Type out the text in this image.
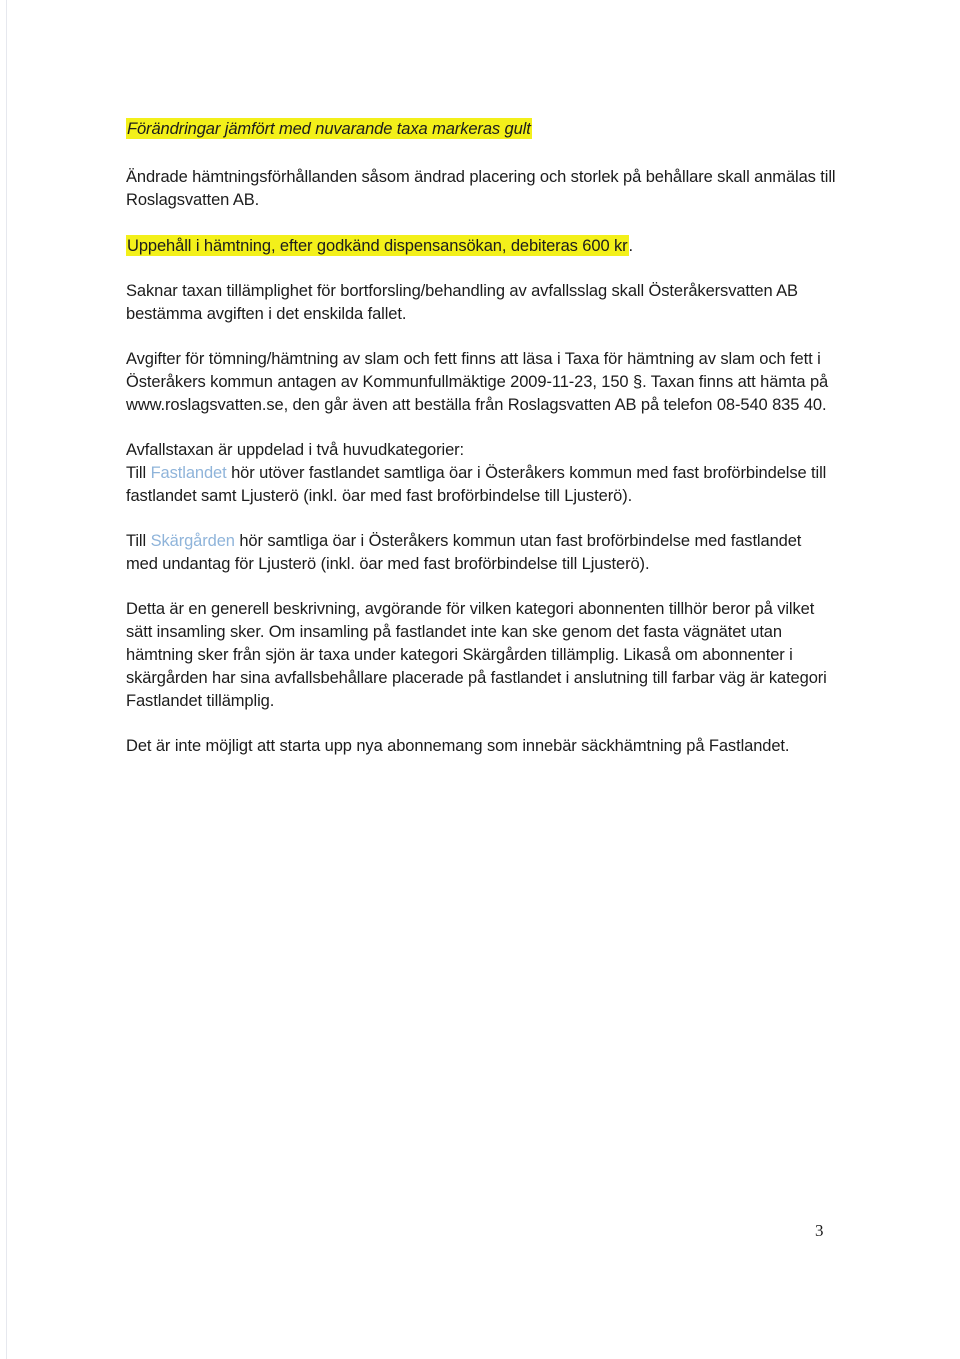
Förändringar jämfört med nuvarande taxa markeras gult

Ändrade hämtningsförhållanden såsom ändrad placering och storlek på behållare skall anmälas till Roslagsvatten AB.

Uppehåll i hämtning, efter godkänd dispensansökan, debiteras 600 kr.

Saknar taxan tillämplighet för bortforsling/behandling av avfallsslag skall Österåkersvatten AB bestämma avgiften i det enskilda fallet.

Avgifter för tömning/hämtning av slam och fett finns att läsa i Taxa för hämtning av slam och fett i Österåkers kommun antagen av Kommunfullmäktige 2009-11-23, 150 §. Taxan finns att hämta på www.roslagsvatten.se, den går även att beställa från Roslagsvatten AB på telefon 08-540 835 40.

Avfallstaxan är uppdelad i två huvudkategorier:

Till Fastlandet hör utöver fastlandet samtliga öar i Österåkers kommun med fast broförbindelse till fastlandet samt Ljusterö (inkl. öar med fast broförbindelse till Ljusterö).

Till Skärgården hör samtliga öar i Österåkers kommun utan fast broförbindelse med fastlandet med undantag för Ljusterö (inkl. öar med fast broförbindelse till Ljusterö).

Detta är en generell beskrivning, avgörande för vilken kategori abonnenten tillhör beror på vilket sätt insamling sker. Om insamling på fastlandet inte kan ske genom det fasta vägnätet utan hämtning sker från sjön är taxa under kategori Skärgården tillämplig. Likaså om abonnenter i skärgården har sina avfallsbehållare placerade på fastlandet i anslutning till farbar väg är kategori Fastlandet tillämplig.

Det är inte möjligt att starta upp nya abonnemang som innebär säckhämtning på Fastlandet.

3
